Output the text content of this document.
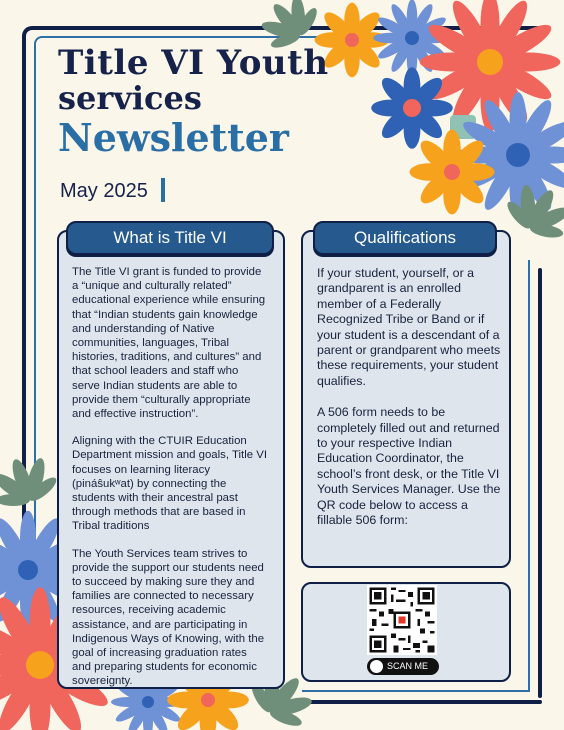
Title VI Youth
services
Newsletter
May 2025
What is Title VI

The Title VI grant is funded to provide a “unique and culturally related” educational experience while ensuring that “Indian students gain knowledge and understanding of Native communities, languages, Tribal histories, traditions, and cultures” and that school leaders and staff who serve Indian students are able to provide them “culturally appropriate and effective instruction”.

Aligning with the CTUIR Education Department mission and goals, Title VI focuses on learning literacy (pináŝukʷat) by connecting the students with their ancestral past through methods that are based in Tribal traditions

The Youth Services team strives to provide the support our students need to succeed by making sure they and families are connected to necessary resources, receiving academic assistance, and are participating in Indigenous Ways of Knowing, with the goal of increasing graduation rates and preparing students for economic sovereignty.

Qualifications

If your student, yourself, or a grandparent is an enrolled member of a Federally Recognized Tribe or Band or if your student is a descendant of a parent or grandparent who meets these requirements, your student qualifies.

A 506 form needs to be completely filled out and returned to your respective Indian Education Coordinator, the school’s front desk, or the Title VI Youth Services Manager. Use the QR code below to access a fillable 506 form:

SCAN ME
